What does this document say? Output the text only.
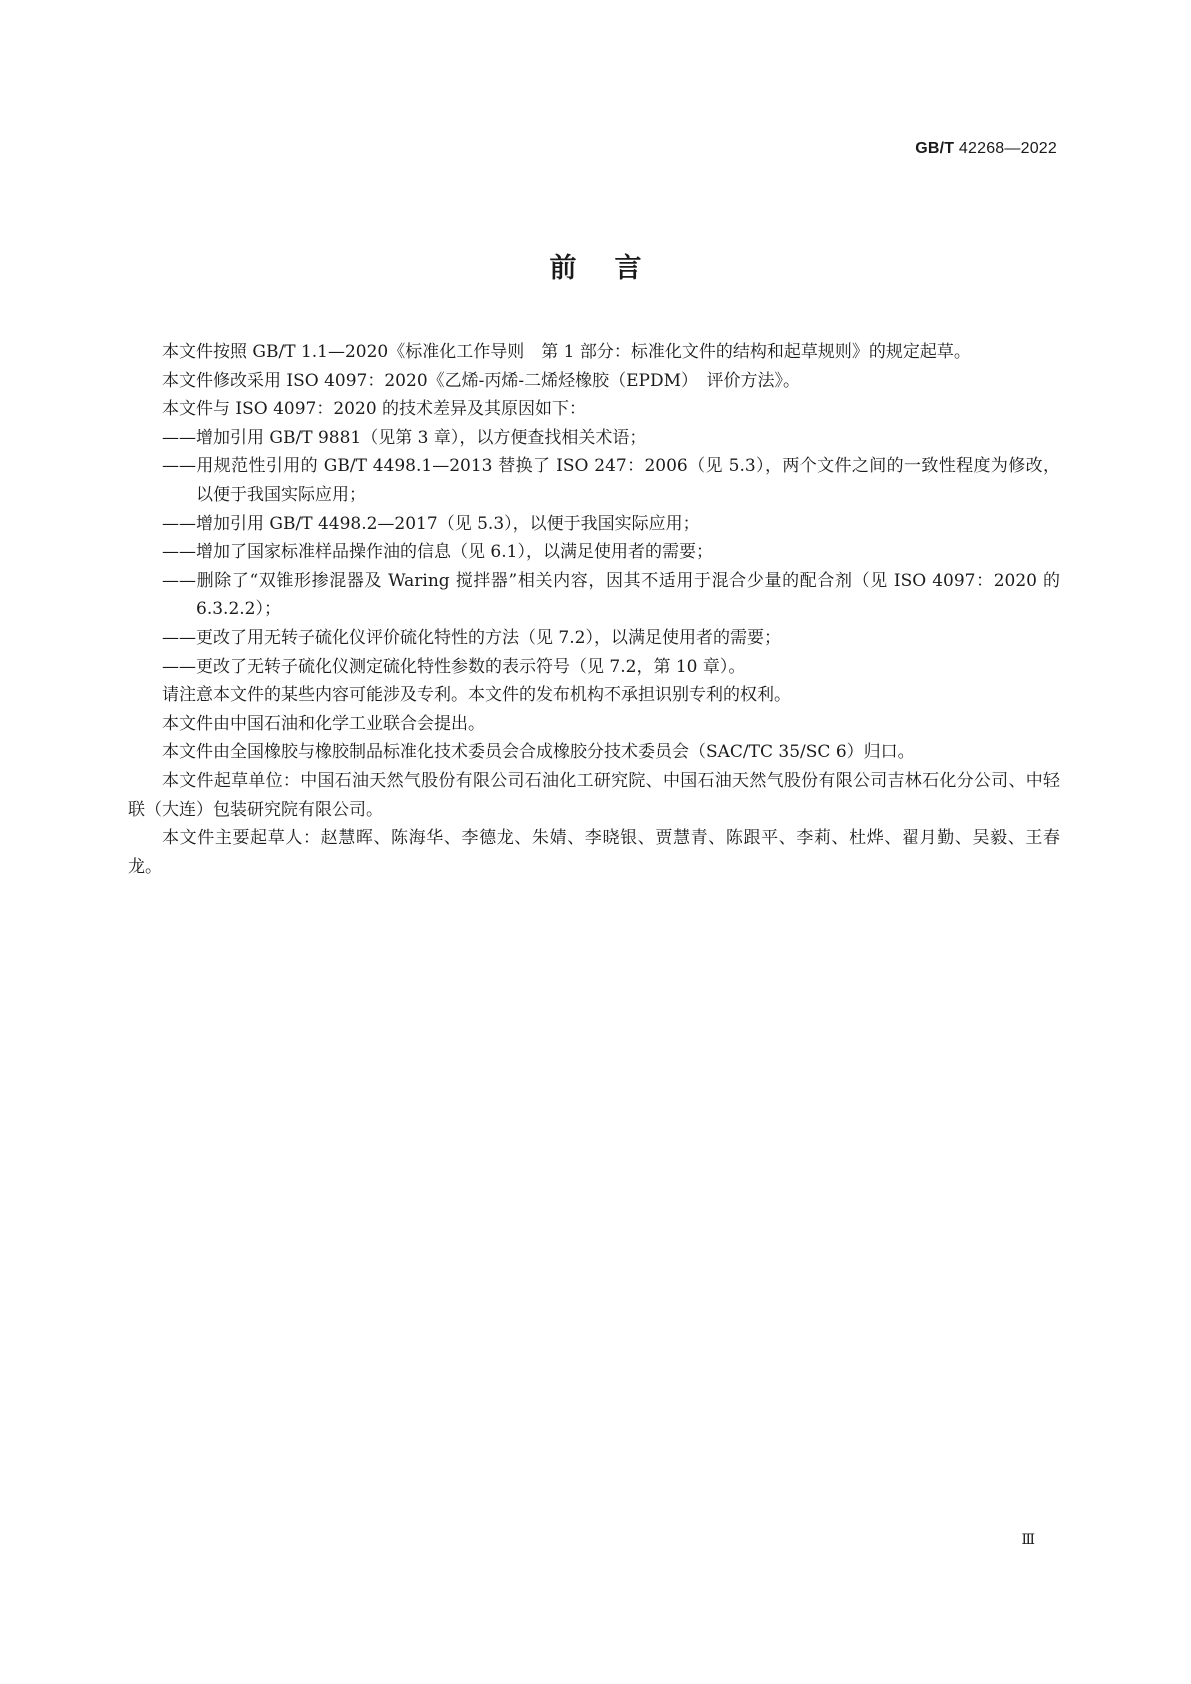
GB/T 42268—2022
前言

本文件按照 GB/T 1.1—2020《标准化工作导则　第 1 部分：标准化文件的结构和起草规则》的规定起草。

本文件修改采用 ISO 4097：2020《乙烯-丙烯-二烯烃橡胶（EPDM）　评价方法》。

本文件与 ISO 4097：2020 的技术差异及其原因如下：

——增加引用 GB/T 9881（见第 3 章），以方便查找相关术语；

——用规范性引用的 GB/T 4498.1—2013 替换了 ISO 247：2006（见 5.3），两个文件之间的一致性程度为修改，以便于我国实际应用；

——增加引用 GB/T 4498.2—2017（见 5.3），以便于我国实际应用；

——增加了国家标准样品操作油的信息（见 6.1），以满足使用者的需要；

——删除了“双锥形掺混器及 Waring 搅拌器”相关内容，因其不适用于混合少量的配合剂（见 ISO 4097：2020 的 6.3.2.2）；

——更改了用无转子硫化仪评价硫化特性的方法（见 7.2），以满足使用者的需要；

——更改了无转子硫化仪测定硫化特性参数的表示符号（见 7.2，第 10 章）。

请注意本文件的某些内容可能涉及专利。本文件的发布机构不承担识别专利的权利。

本文件由中国石油和化学工业联合会提出。

本文件由全国橡胶与橡胶制品标准化技术委员会合成橡胶分技术委员会（SAC/TC 35/SC 6）归口。

本文件起草单位：中国石油天然气股份有限公司石油化工研究院、中国石油天然气股份有限公司吉林石化分公司、中轻联（大连）包装研究院有限公司。

本文件主要起草人：赵慧晖、陈海华、李德龙、朱婧、李晓银、贾慧青、陈跟平、李莉、杜烨、翟月勤、吴毅、王春龙。

Ⅲ
